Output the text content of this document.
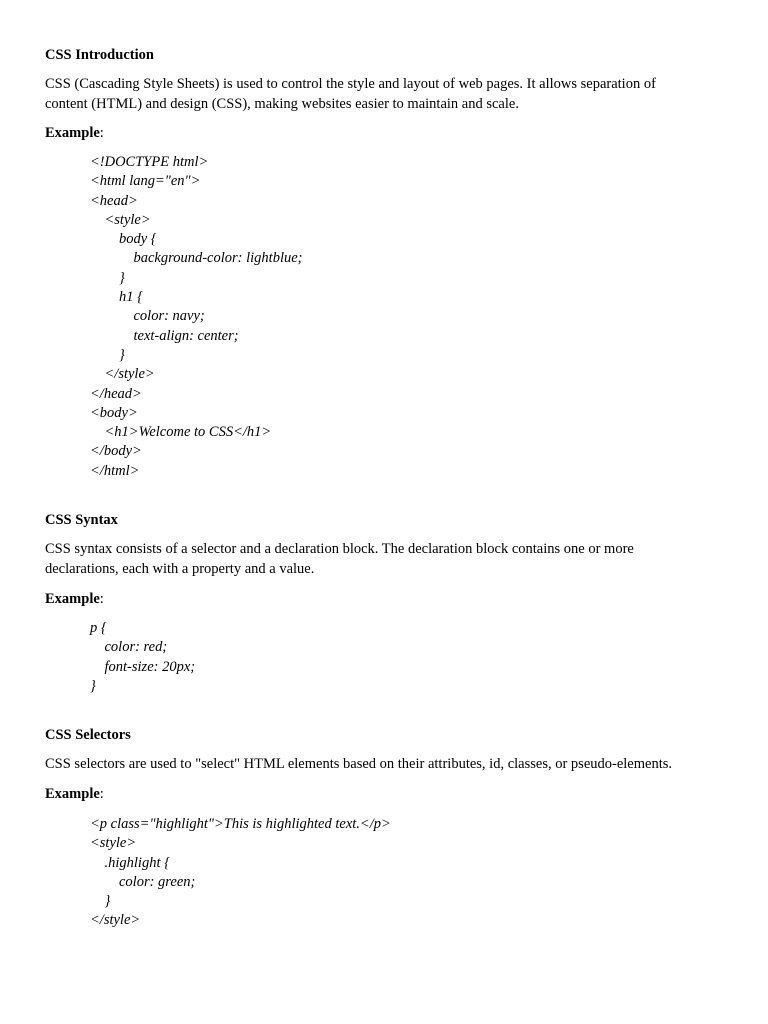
CSS Introduction
CSS (Cascading Style Sheets) is used to control the style and layout of web pages. It allows separation of
content (HTML) and design (CSS), making websites easier to maintain and scale.
Example:
<!DOCTYPE html>
<html lang="en">
<head>
<style>
body {
background-color: lightblue;
}
h1 {
color: navy;
text-align: center;
}
</style>
</head>
<body>
<h1>Welcome to CSS</h1>
</body>
</html>
CSS Syntax
CSS syntax consists of a selector and a declaration block. The declaration block contains one or more
declarations, each with a property and a value.
Example:
p {
color: red;
font-size: 20px;
}
CSS Selectors
CSS selectors are used to "select" HTML elements based on their attributes, id, classes, or pseudo-elements.
Example:
<p class="highlight">This is highlighted text.</p>
<style>
.highlight {
color: green;
}
</style>
